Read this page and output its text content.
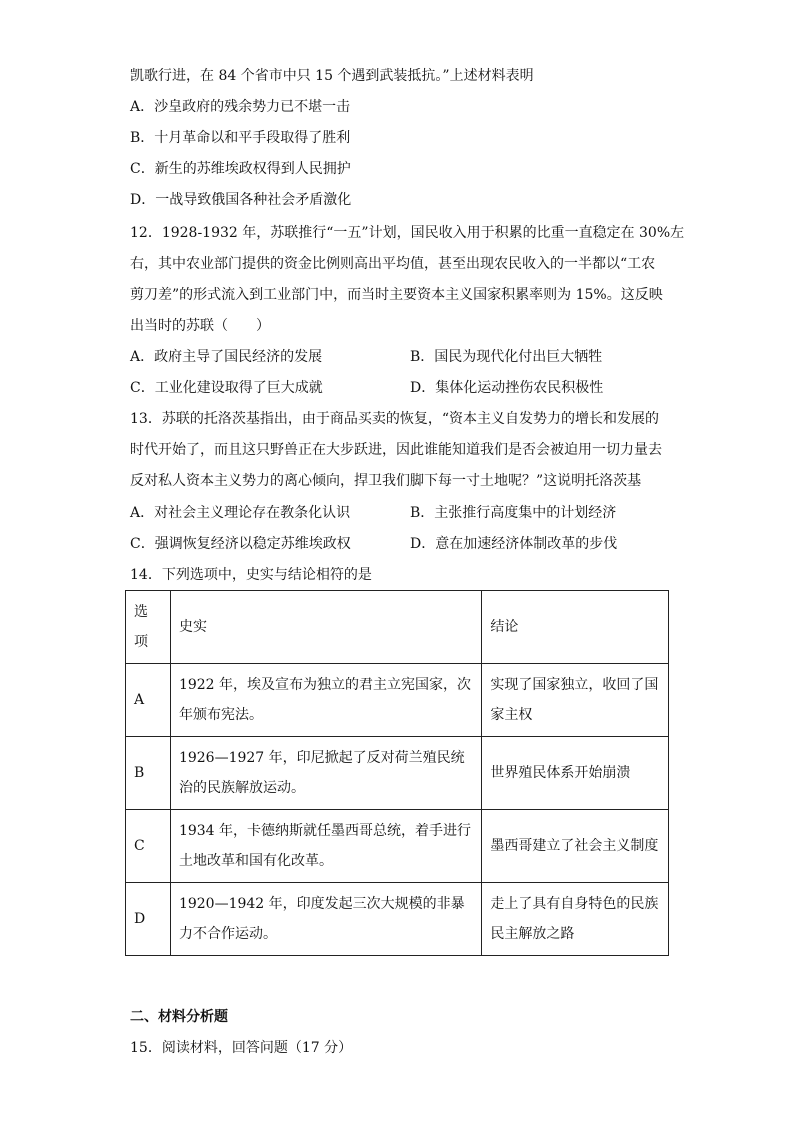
凯歌行进，在 84 个省市中只 15 个遇到武装抵抗。”上述材料表明
A．沙皇政府的残余势力已不堪一击
B．十月革命以和平手段取得了胜利
C．新生的苏维埃政权得到人民拥护
D．一战导致俄国各种社会矛盾激化
12．1928-1932 年，苏联推行“一五”计划，国民收入用于积累的比重一直稳定在 30%左
右，其中农业部门提供的资金比例则高出平均值，甚至出现农民收入的一半都以“工农
剪刀差”的形式流入到工业部门中，而当时主要资本主义国家积累率则为 15%。这反映
出当时的苏联（　　）
A．政府主导了国民经济的发展	B．国民为现代化付出巨大牺牲
C．工业化建设取得了巨大成就	D．集体化运动挫伤农民积极性
13．苏联的托洛茨基指出，由于商品买卖的恢复，“资本主义自发势力的增长和发展的
时代开始了，而且这只野兽正在大步跃进，因此谁能知道我们是否会被迫用一切力量去
反对私人资本主义势力的离心倾向，捍卫我们脚下每一寸土地呢？”这说明托洛茨基
A．对社会主义理论存在教条化认识	B．主张推行高度集中的计划经济
C．强调恢复经济以稳定苏维埃政权	D．意在加速经济体制改革的步伐
14．下列选项中，史实与结论相符的是
选
项	史实	结论
A	1922 年，埃及宣布为独立的君主立宪国家，次年颁布宪法。	实现了国家独立，收回了国家主权
B	1926—1927 年，印尼掀起了反对荷兰殖民统治的民族解放运动。	世界殖民体系开始崩溃
C	1934 年，卡德纳斯就任墨西哥总统，着手进行土地改革和国有化改革。	墨西哥建立了社会主义制度
D	1920—1942 年，印度发起三次大规模的非暴力不合作运动。	走上了具有自身特色的民族民主解放之路
二、材料分析题
15．阅读材料，回答问题（17 分）
